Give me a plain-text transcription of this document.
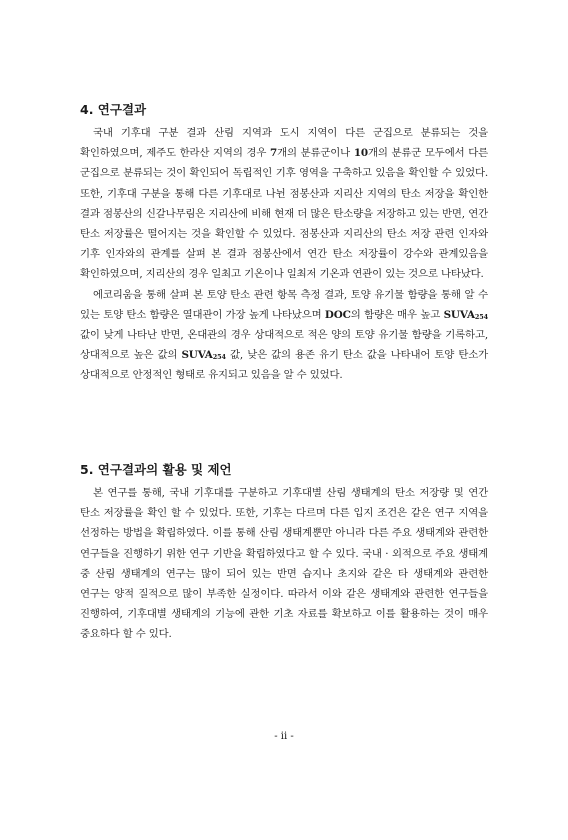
4. 연구결과

국내 기후대 구분 결과 산림 지역과 도시 지역이 다른 군집으로 분류되는 것을 확인하였으며, 제주도 한라산 지역의 경우 7개의 분류군이나 10개의 분류군 모두에서 다른 군집으로 분류되는 것이 확인되어 독립적인 기후 영역을 구축하고 있음을 확인할 수 있었다. 또한, 기후대 구분을 통해 다른 기후대로 나뉜 점봉산과 지리산 지역의 탄소 저장을 확인한 결과 점봉산의 신갈나무림은 지리산에 비해 현재 더 많은 탄소량을 저장하고 있는 반면, 연간 탄소 저장률은 떨어지는 것을 확인할 수 있었다. 점봉산과 지리산의 탄소 저장 관련 인자와 기후 인자와의 관계를 살펴 본 결과 점봉산에서 연간 탄소 저장률이 강수와 관계있음을 확인하였으며, 지리산의 경우 일최고 기온이나 일최저 기온과 연관이 있는 것으로 나타났다.

에코리움을 통해 살펴 본 토양 탄소 관련 항목 측정 결과, 토양 유기물 함량을 통해 알 수 있는 토양 탄소 함량은 열대관이 가장 높게 나타났으며 DOC의 함량은 매우 높고 $SUVA_{254}$ 값이 낮게 나타난 반면, 온대관의 경우 상대적으로 적은 양의 토양 유기물 함량을 기록하고, 상대적으로 높은 값의 $SUVA_{254}$ 값, 낮은 값의 용존 유기 탄소 값을 나타내어 토양 탄소가 상대적으로 안정적인 형태로 유지되고 있음을 알 수 있었다.

5. 연구결과의 활용 및 제언

본 연구를 통해, 국내 기후대를 구분하고 기후대별 산림 생태계의 탄소 저장량 및 연간 탄소 저장률을 확인 할 수 있었다. 또한, 기후는 다르며 다른 입지 조건은 같은 연구 지역을 선정하는 방법을 확립하였다. 이를 통해 산림 생태계뿐만 아니라 다른 주요 생태계와 관련한 연구들을 진행하기 위한 연구 기반을 확립하였다고 할 수 있다. 국내 · 외적으로 주요 생태계 중 산림 생태계의 연구는 많이 되어 있는 반면 습지나 초지와 같은 타 생태계와 관련한 연구는 양적 질적으로 많이 부족한 실정이다. 따라서 이와 같은 생태계와 관련한 연구들을 진행하여, 기후대별 생태계의 기능에 관한 기초 자료를 확보하고 이를 활용하는 것이 매우 중요하다 할 수 있다.

- ii -
